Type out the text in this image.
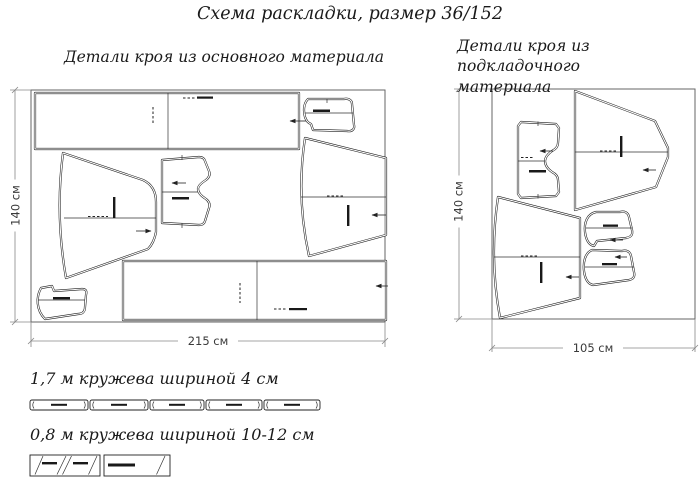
Схема раскладки, размер 36/152
Детали кроя из основного материала
Детали кроя из подкладочного
материала
140 см
215 см
140 см
105 см
1,7 м кружева шириной 4 см
0,8 м кружева шириной 10-12 см
